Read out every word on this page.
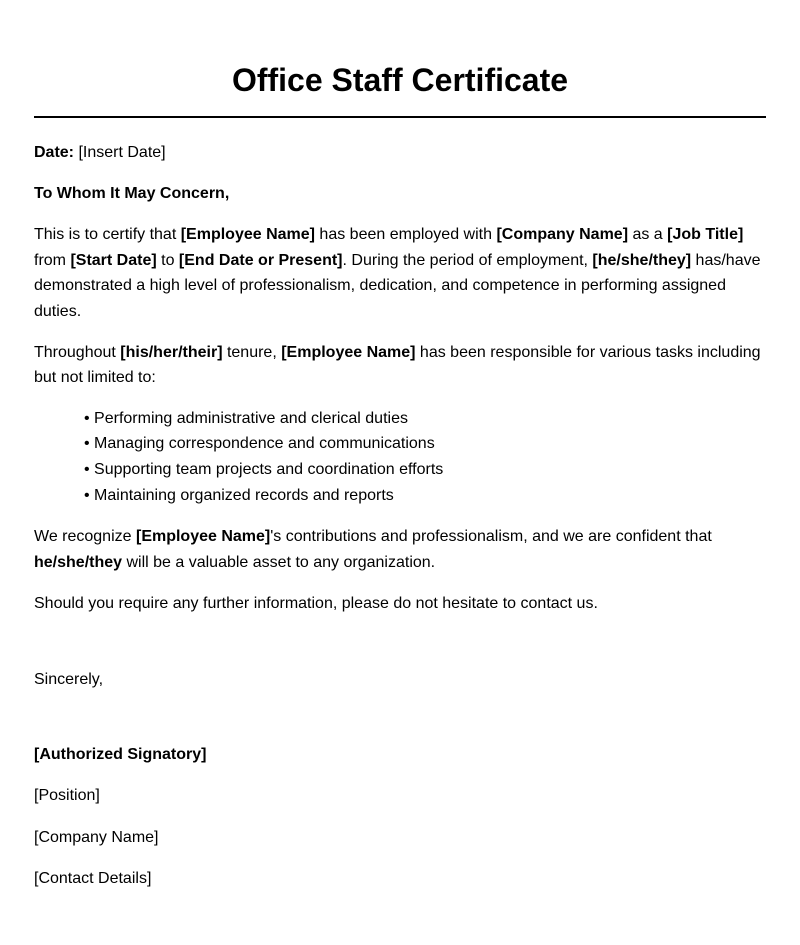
Office Staff Certificate

Date: [Insert Date]

To Whom It May Concern,

This is to certify that [Employee Name] has been employed with [Company Name] as a [Job Title] from [Start Date] to [End Date or Present]. During the period of employment, [he/she/they] has/have demonstrated a high level of professionalism, dedication, and competence in performing assigned duties.

Throughout [his/her/their] tenure, [Employee Name] has been responsible for various tasks including but not limited to:

• Performing administrative and clerical duties
• Managing correspondence and communications
• Supporting team projects and coordination efforts
• Maintaining organized records and reports

We recognize [Employee Name]'s contributions and professionalism, and we are confident that he/she/they will be a valuable asset to any organization.

Should you require any further information, please do not hesitate to contact us.

Sincerely,

[Authorized Signatory]

[Position]

[Company Name]

[Contact Details]
